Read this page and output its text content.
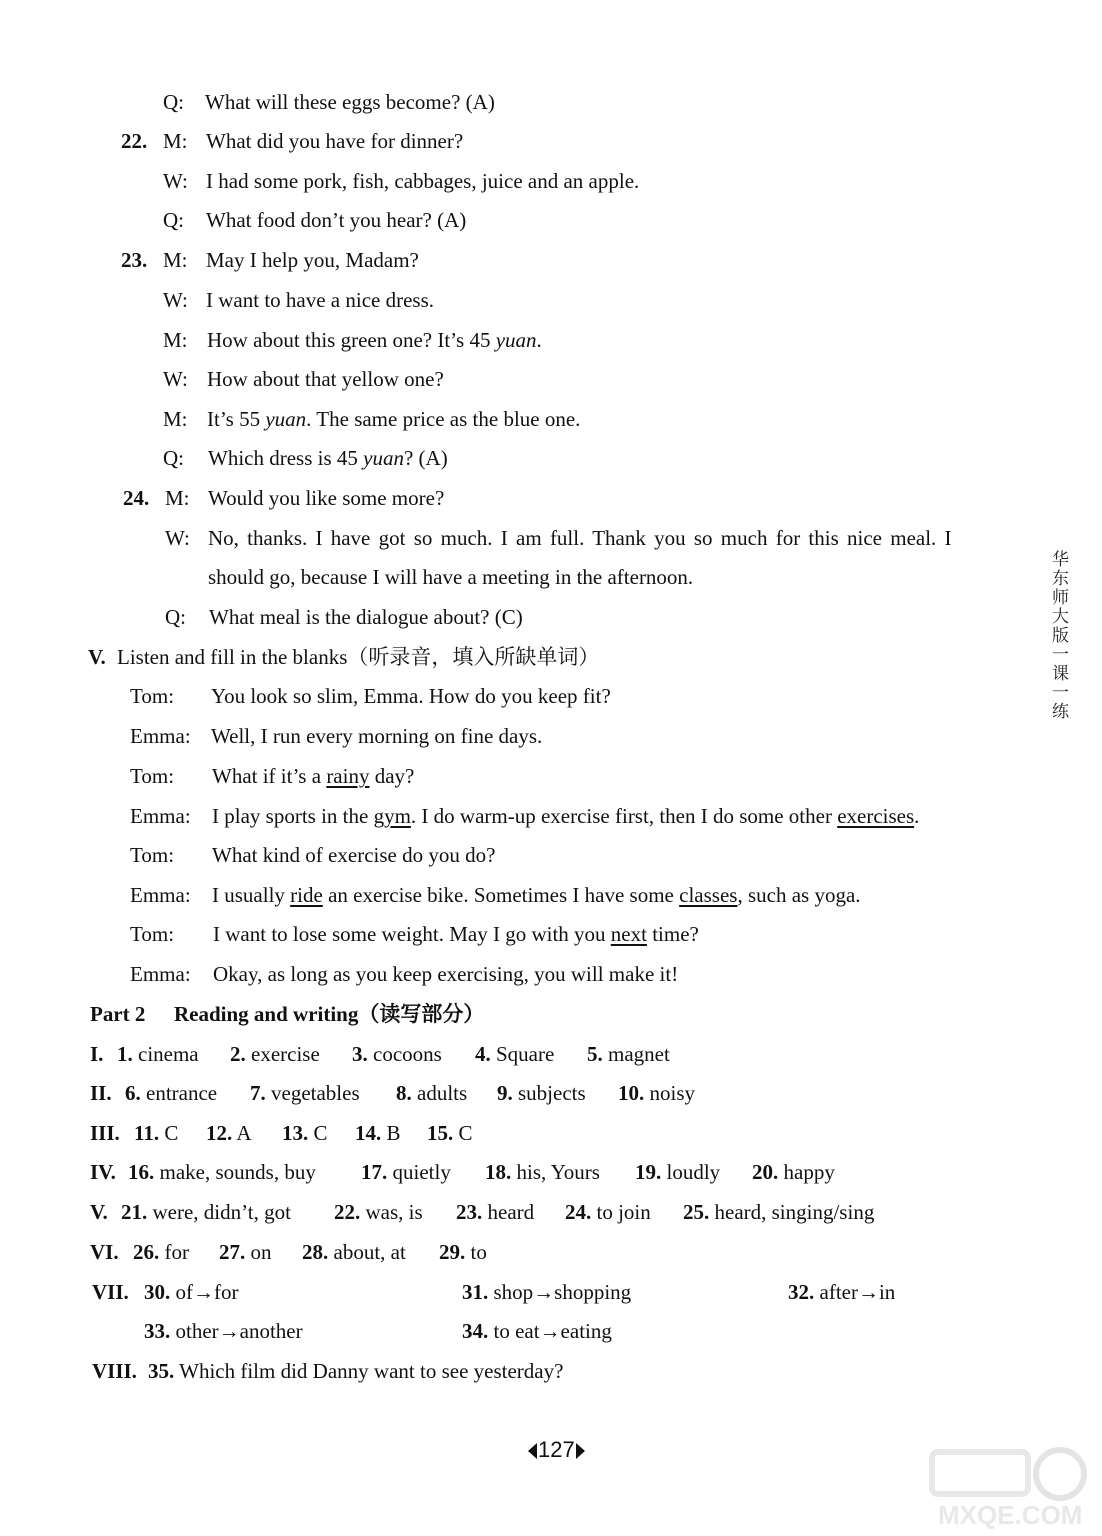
Q: What will these eggs become? (A)
22. M: What did you have for dinner?
W: I had some pork, fish, cabbages, juice and an apple.
Q: What food don’t you hear? (A)
23. M: May I help you, Madam?
W: I want to have a nice dress.
M: How about this green one? It’s 45 yuan.
W: How about that yellow one?
M: It’s 55 yuan. The same price as the blue one.
Q: Which dress is 45 yuan? (A)
24. M: Would you like some more?
W: No, thanks. I have got so much. I am full. Thank you so much for this nice meal. I
should go, because I will have a meeting in the afternoon.
Q: What meal is the dialogue about? (C)
V. Listen and fill in the blanks（听录音，填入所缺单词）
Tom: You look so slim, Emma. How do you keep fit?
Emma: Well, I run every morning on fine days.
Tom: What if it’s a rainy day?
Emma: I play sports in the gym. I do warm-up exercise first, then I do some other exercises.
Tom: What kind of exercise do you do?
Emma: I usually ride an exercise bike. Sometimes I have some classes, such as yoga.
Tom: I want to lose some weight. May I go with you next time?
Emma: Okay, as long as you keep exercising, you will make it!
Part 2 Reading and writing（读写部分）
I. 1. cinema 2. exercise 3. cocoons 4. Square 5. magnet
II. 6. entrance 7. vegetables 8. adults 9. subjects 10. noisy
III. 11. C 12. A 13. C 14. B 15. C
IV. 16. make, sounds, buy 17. quietly 18. his, Yours 19. loudly 20. happy
V. 21. were, didn’t, got 22. was, is 23. heard 24. to join 25. heard, singing/sing
VI. 26. for 27. on 28. about, at 29. to
VII. 30. of→for	31. shop→shopping	32. after→in
33. other→another	34. to eat→eating
VIII. 35. Which film did Danny want to see yesterday?
华东师大版一课一练
127
MXQE.COM
